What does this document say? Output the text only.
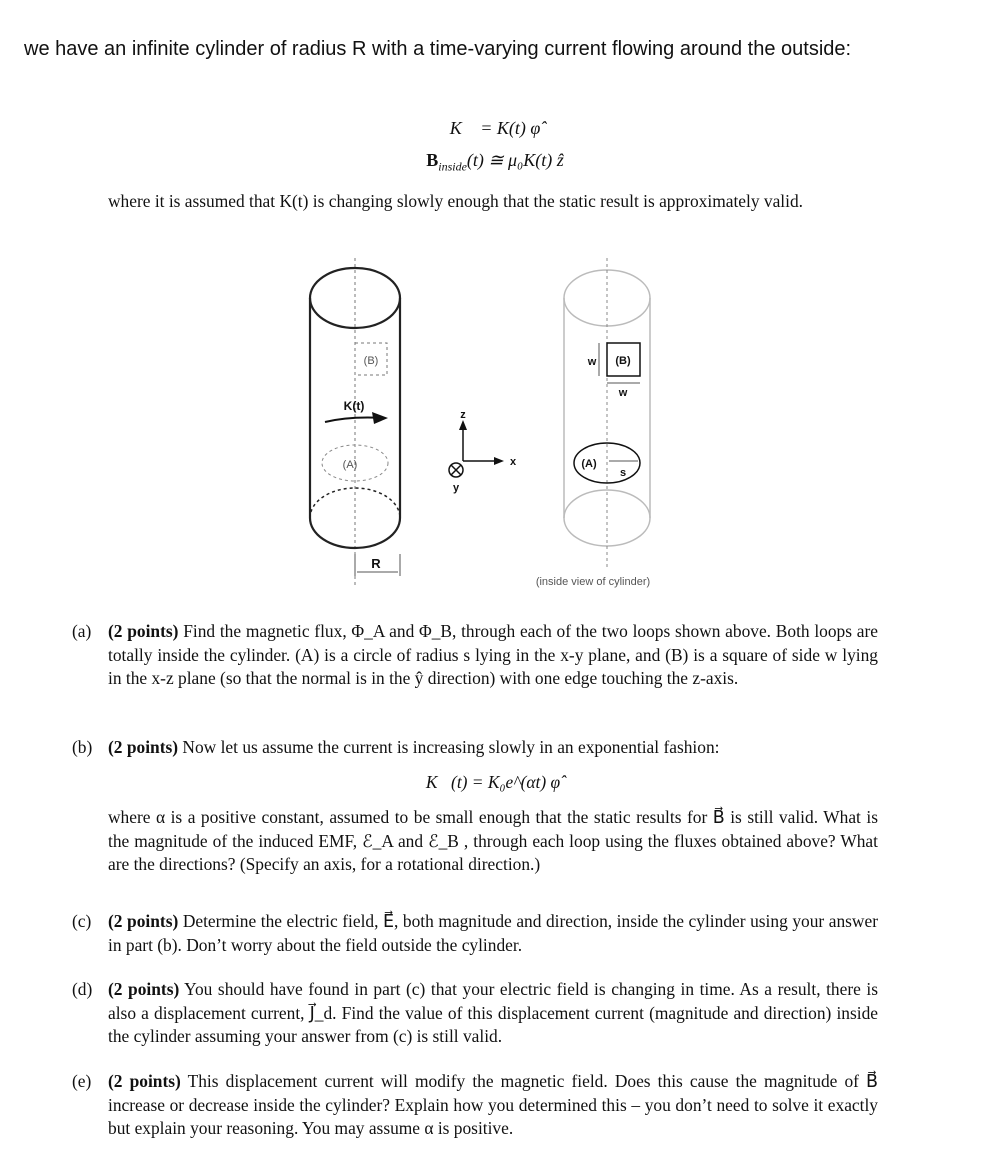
we have an infinite cylinder of radius R with a time-varying current flowing around the outside:
K⃗ = K(t) φ̂
$B_{inside}(t)$ ≅ μ₀K(t) ẑ
where it is assumed that K(t) is changing slowly enough that the static result is approximately valid.
(B)
K(t)
(A)
R
z
x
y
(B)
w
w
(A)
s
(inside view of cylinder)
(a) (2 points) Find the magnetic flux, Φ_A and Φ_B, through each of the two loops shown above. Both loops are totally inside the cylinder. (A) is a circle of radius s lying in the x-y plane, and (B) is a square of side w lying in the x-z plane (so that the normal is in the ŷ direction) with one edge touching the z-axis.
(b) (2 points) Now let us assume the current is increasing slowly in an exponential fashion:
K⃗(t) = K₀e^(αt) φ̂
where α is a positive constant, assumed to be small enough that the static results for B⃗ is still valid. What is the magnitude of the induced EMF, ℰ_A and ℰ_B , through each loop using the fluxes obtained above? What are the directions? (Specify an axis, for a rotational direction.)
(c) (2 points) Determine the electric field, E⃗, both magnitude and direction, inside the cylinder using your answer in part (b). Don’t worry about the field outside the cylinder.
(d) (2 points) You should have found in part (c) that your electric field is changing in time. As a result, there is also a displacement current, J⃗_d. Find the value of this displacement current (magnitude and direction) inside the cylinder assuming your answer from (c) is still valid.
(e) (2 points) This displacement current will modify the magnetic field. Does this cause the magnitude of B⃗ increase or decrease inside the cylinder? Explain how you determined this – you don’t need to solve it exactly but explain your reasoning. You may assume α is positive.
